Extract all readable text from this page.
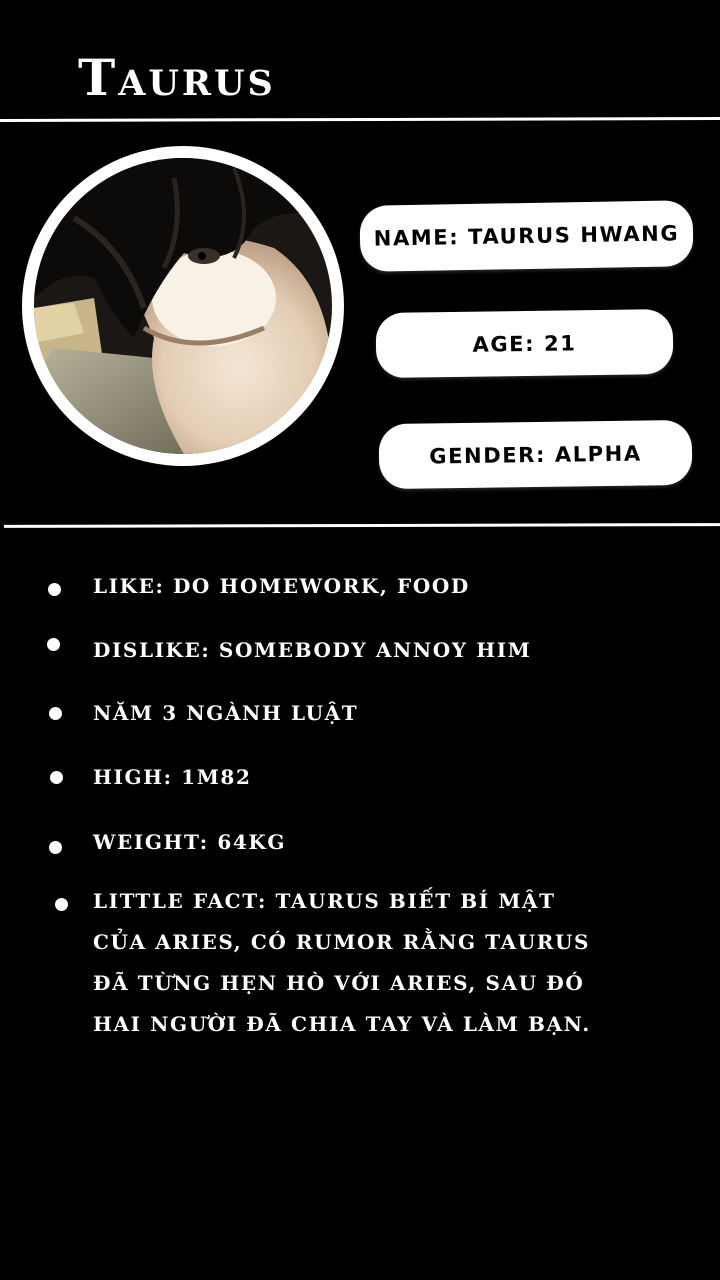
Taurus
NAME: TAURUS HWANG
AGE: 21
GENDER: ALPHA
LIKE: DO HOMEWORK, FOOD
DISLIKE: SOMEBODY ANNOY HIM
NĂM 3 NGÀNH LUẬT
HIGH: 1M82
WEIGHT: 64KG
LITTLE FACT: TAURUS BIẾT BÍ MẬT CỦA ARIES, CÓ RUMOR RẰNG TAURUS ĐÃ TỪNG HẸN HÒ VỚI ARIES, SAU ĐÓ HAI NGƯỜI ĐÃ CHIA TAY VÀ LÀM BẠN.
